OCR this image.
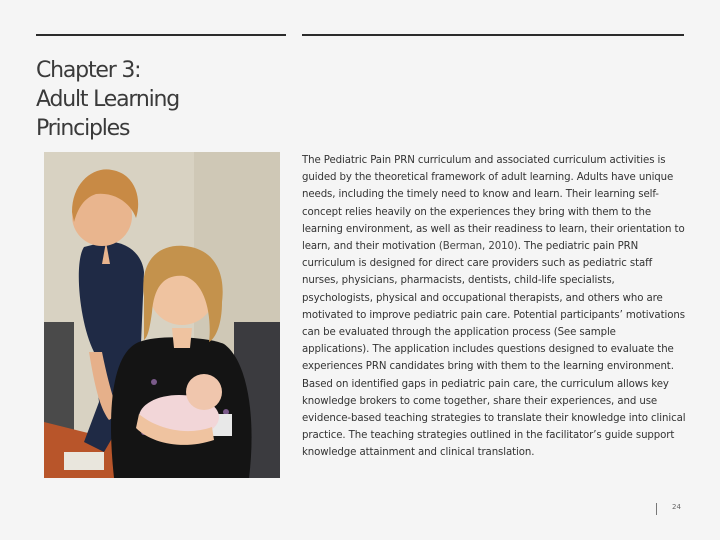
Chapter 3:
Adult Learning
Principles

The Pediatric Pain PRN curriculum and associated curriculum activities is guided by the theoretical framework of adult learning. Adults have unique needs, including the timely need to know and learn. Their learning self-concept relies heavily on the experiences they bring with them to the learning environment, as well as their readiness to learn, their orientation to learn, and their motivation (Berman, 2010). The pediatric pain PRN curriculum is designed for direct care providers such as pediatric staff nurses, physicians, pharmacists, dentists, child-life specialists, psychologists, physical and occupational therapists, and others who are motivated to improve pediatric pain care. Potential participants’ motivations can be evaluated through the application process (See sample applications). The application includes questions designed to evaluate the experiences PRN candidates bring with them to the learning environment. Based on identified gaps in pediatric pain care, the curriculum allows key knowledge brokers to come together, share their experiences, and use evidence-based teaching strategies to translate their knowledge into clinical practice. The teaching strategies outlined in the facilitator’s guide support knowledge attainment and clinical translation.

24
